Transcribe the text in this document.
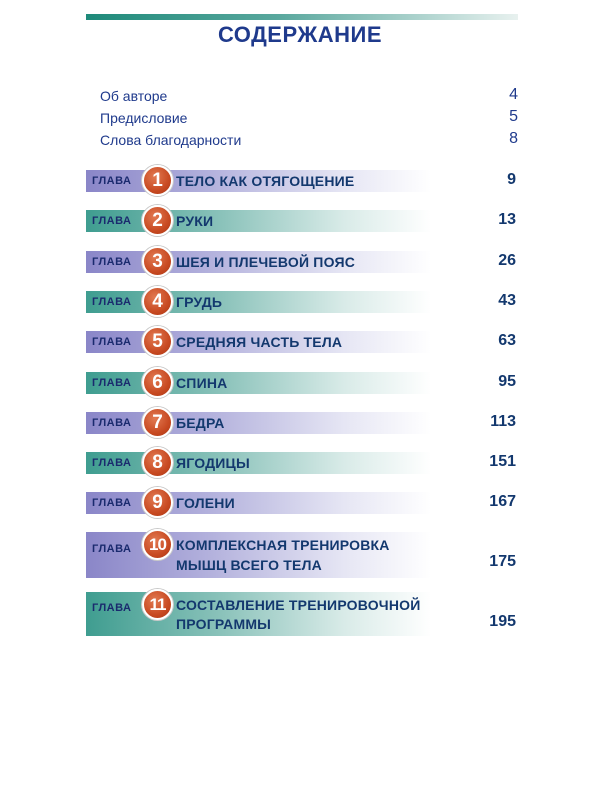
СОДЕРЖАНИЕ
Об авторе	4
Предисловие	5
Слова благодарности	8
ГЛАВА	1 ТЕЛО КАК ОТЯГОЩЕНИЕ	9
ГЛАВА	2 РУКИ	13
ГЛАВА	3 ШЕЯ И ПЛЕЧЕВОЙ ПОЯС	26
ГЛАВА	4 ГРУДЬ	43
ГЛАВА	5 СРЕДНЯЯ ЧАСТЬ ТЕЛА	63
ГЛАВА	6 СПИНА	95
ГЛАВА	7 БЕДРА	113
ГЛАВА	8 ЯГОДИЦЫ	151
ГЛАВА	9 ГОЛЕНИ	167
ГЛАВА	10 КОМПЛЕКСНАЯ ТРЕНИРОВКА
МЫШЦ ВСЕГО ТЕЛА	175
ГЛАВА	11 СОСТАВЛЕНИЕ ТРЕНИРОВОЧНОЙ
ПРОГРАММЫ	195
